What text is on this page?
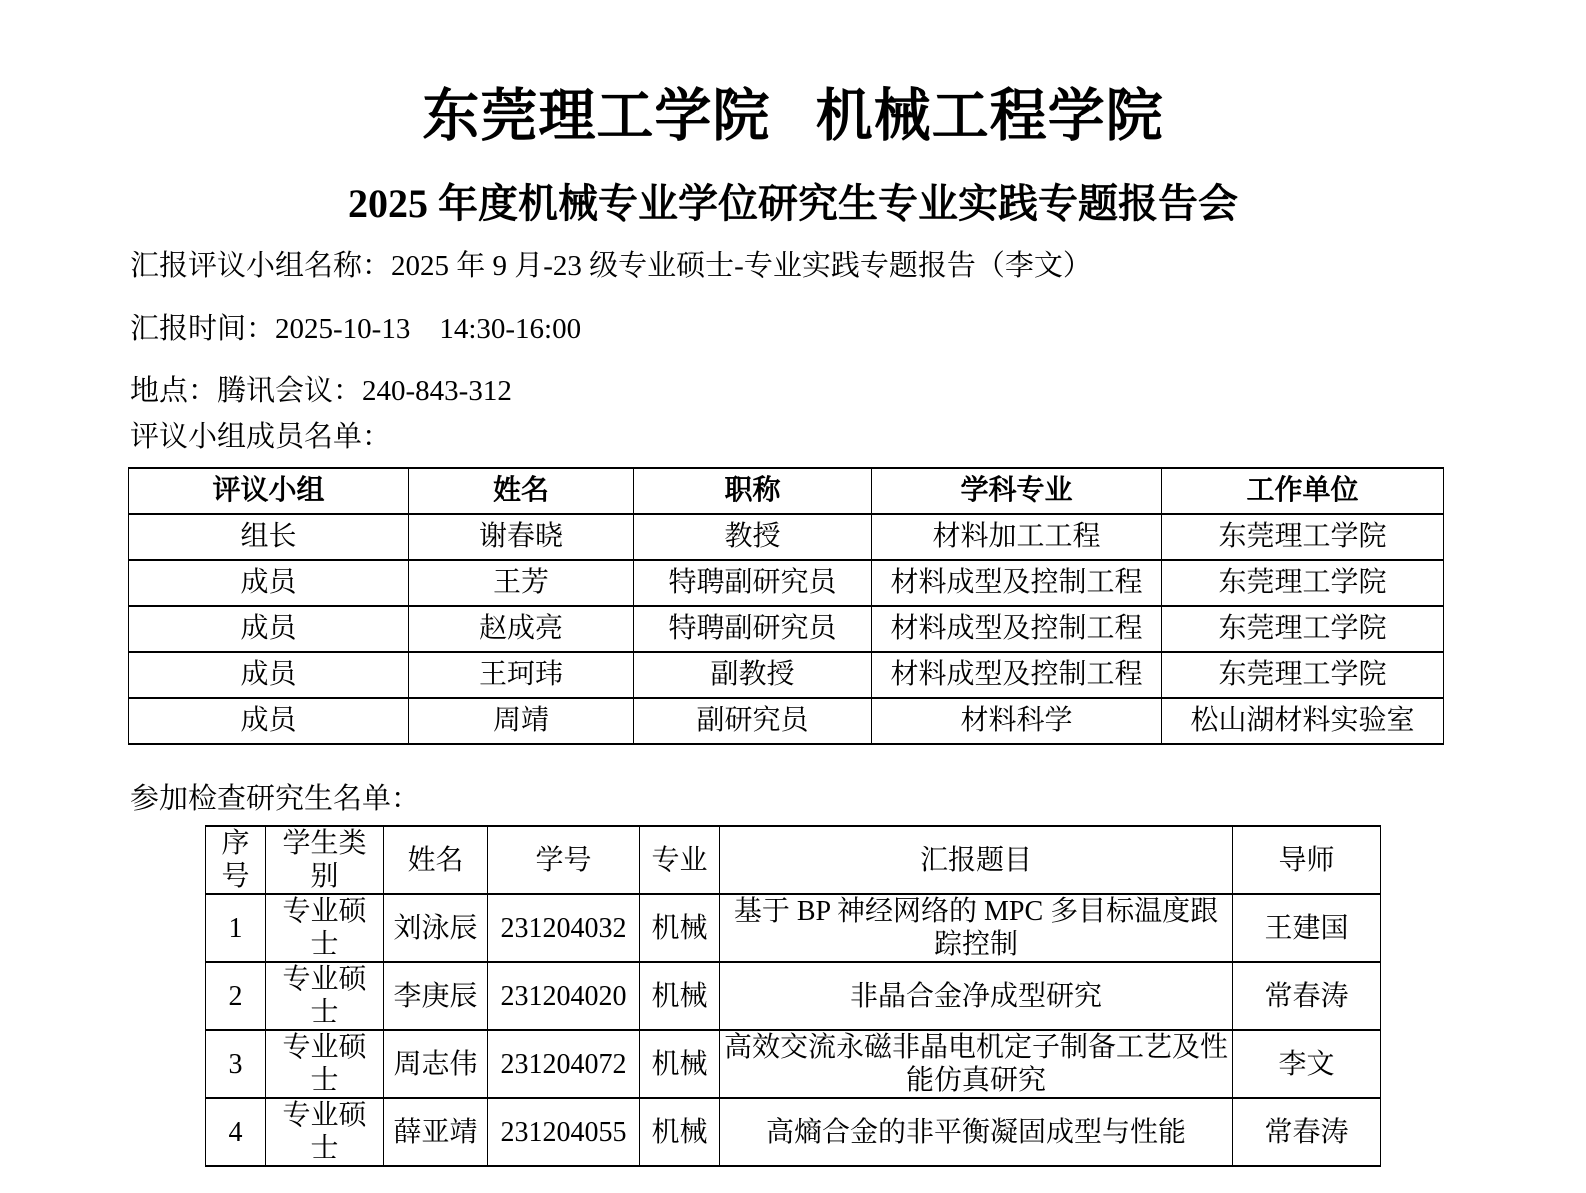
东莞理工学院 机械工程学院
2025 年度机械专业学位研究生专业实践专题报告会
汇报评议小组名称：2025 年 9 月-23 级专业硕士-专业实践专题报告（李文）
汇报时间：2025-10-13    14:30-16:00
地点：腾讯会议：240-843-312
评议小组成员名单：
评议小组	姓名	职称	学科专业	工作单位
组长	谢春晓	教授	材料加工工程	东莞理工学院
成员	王芳	特聘副研究员	材料成型及控制工程	东莞理工学院
成员	赵成亮	特聘副研究员	材料成型及控制工程	东莞理工学院
成员	王珂玮	副教授	材料成型及控制工程	东莞理工学院
成员	周靖	副研究员	材料科学	松山湖材料实验室
参加检查研究生名单：
序号	学生类别	姓名	学号	专业	汇报题目	导师
1	专业硕士	刘泳辰	231204032	机械	基于 BP 神经网络的 MPC 多目标温度跟踪控制	王建国
2	专业硕士	李庚辰	231204020	机械	非晶合金净成型研究	常春涛
3	专业硕士	周志伟	231204072	机械	高效交流永磁非晶电机定子制备工艺及性能仿真研究	李文
4	专业硕士	薛亚靖	231204055	机械	高熵合金的非平衡凝固成型与性能	常春涛
